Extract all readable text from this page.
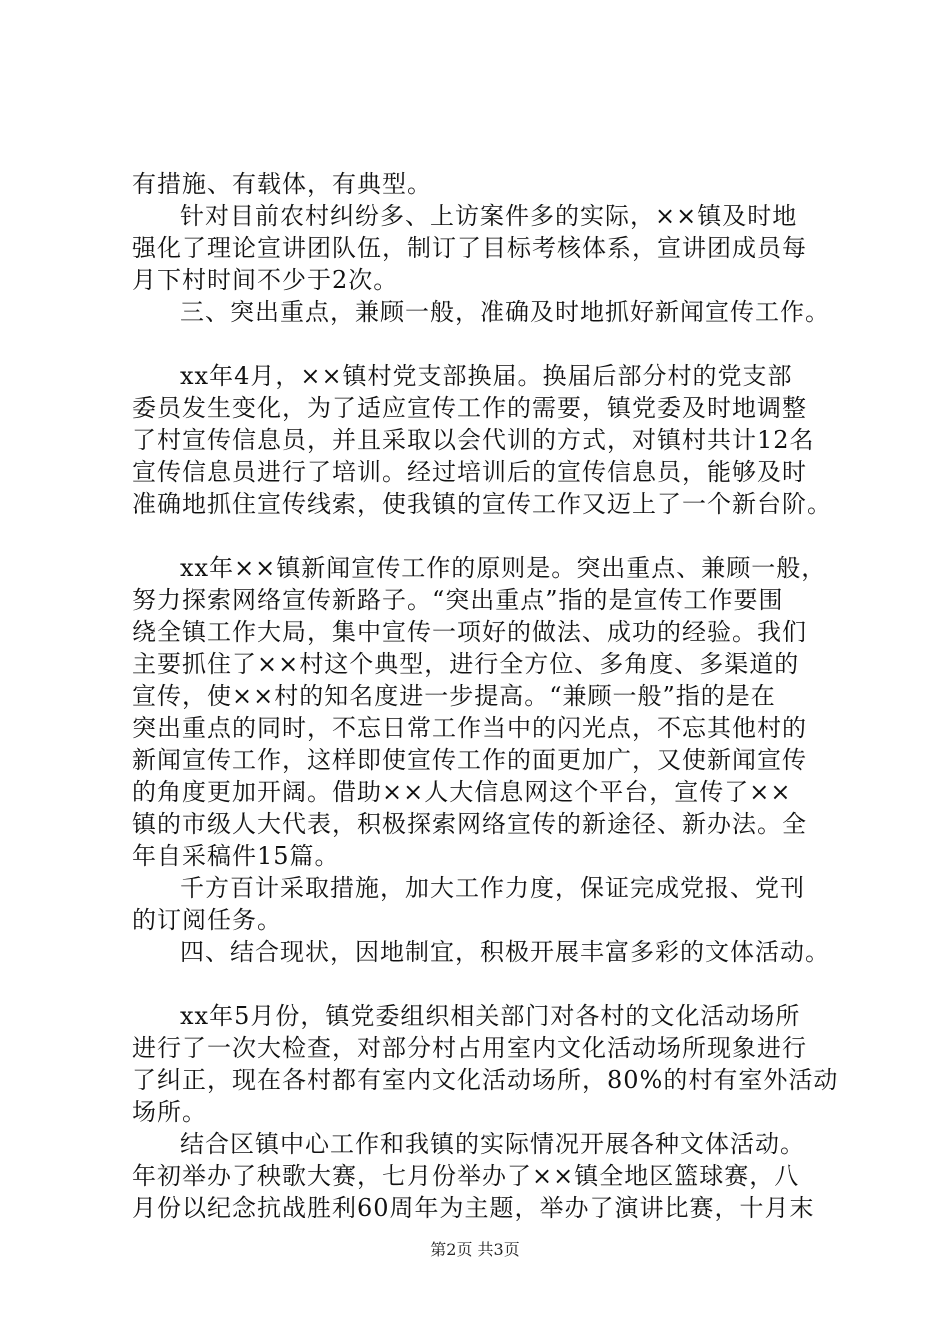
有措施、有载体，有典型。
针对目前农村纠纷多、上访案件多的实际，××镇及时地
强化了理论宣讲团队伍，制订了目标考核体系，宣讲团成员每
月下村时间不少于2次。
三、突出重点，兼顾一般，准确及时地抓好新闻宣传工作。
xx年4月，××镇村党支部换届。换届后部分村的党支部
委员发生变化，为了适应宣传工作的需要，镇党委及时地调整
了村宣传信息员，并且采取以会代训的方式，对镇村共计12名
宣传信息员进行了培训。经过培训后的宣传信息员，能够及时
准确地抓住宣传线索，使我镇的宣传工作又迈上了一个新台阶。
xx年××镇新闻宣传工作的原则是。突出重点、兼顾一般，
努力探索网络宣传新路子。“突出重点”指的是宣传工作要围
绕全镇工作大局，集中宣传一项好的做法、成功的经验。我们
主要抓住了××村这个典型，进行全方位、多角度、多渠道的
宣传，使××村的知名度进一步提高。“兼顾一般”指的是在
突出重点的同时，不忘日常工作当中的闪光点，不忘其他村的
新闻宣传工作，这样即使宣传工作的面更加广，又使新闻宣传
的角度更加开阔。借助××人大信息网这个平台，宣传了××
镇的市级人大代表，积极探索网络宣传的新途径、新办法。全
年自采稿件15篇。
千方百计采取措施，加大工作力度，保证完成党报、党刊
的订阅任务。
四、结合现状，因地制宜，积极开展丰富多彩的文体活动。
xx年5月份，镇党委组织相关部门对各村的文化活动场所
进行了一次大检查，对部分村占用室内文化活动场所现象进行
了纠正，现在各村都有室内文化活动场所，80%的村有室外活动
场所。
结合区镇中心工作和我镇的实际情况开展各种文体活动。
年初举办了秧歌大赛，七月份举办了××镇全地区篮球赛，八
月份以纪念抗战胜利60周年为主题，举办了演讲比赛，十月末
第2页 共3页
